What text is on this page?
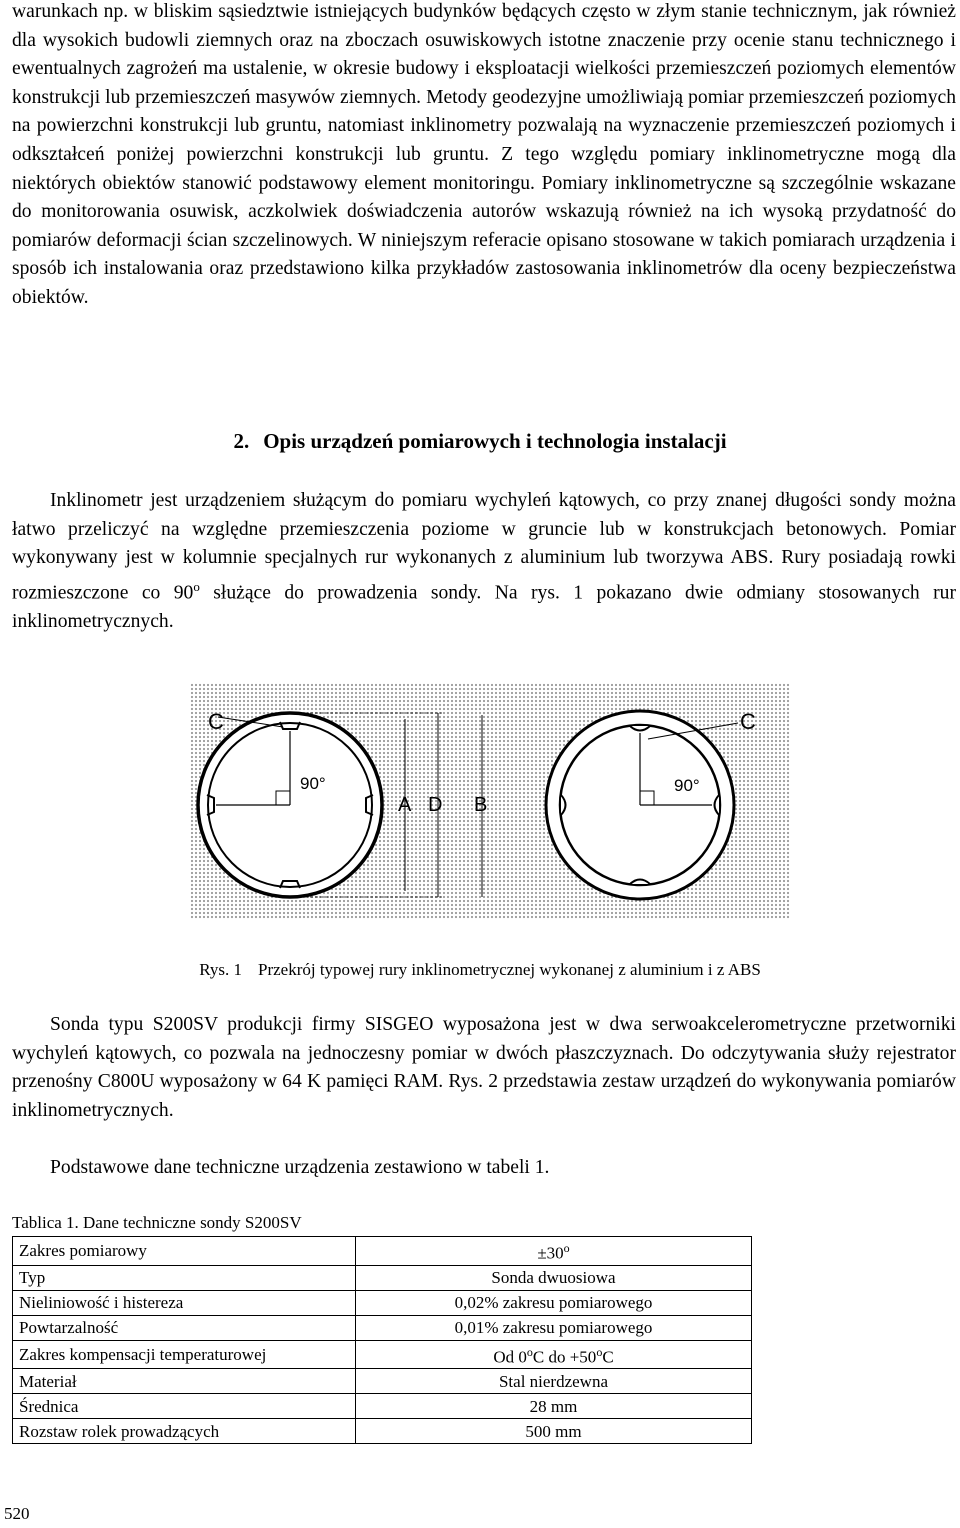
warunkach np. w bliskim sąsiedztwie istniejących budynków będących często w złym stanie technicznym, jak również dla wysokich budowli ziemnych oraz na zboczach osuwiskowych istotne znaczenie przy ocenie stanu technicznego i ewentualnych zagrożeń ma ustalenie, w okresie budowy i eksploatacji wielkości przemieszczeń poziomych elementów konstrukcji lub przemieszczeń masywów ziemnych. Metody geodezyjne umożliwiają pomiar przemieszczeń poziomych na powierzchni konstrukcji lub gruntu, natomiast inklinometry pozwalają na wyznaczenie przemieszczeń poziomych i odkształceń poniżej powierzchni konstrukcji lub gruntu. Z tego względu pomiary inklinometryczne mogą dla niektórych obiektów stanowić podstawowy element monitoringu. Pomiary inklinometryczne są szczególnie wskazane do monitorowania osuwisk, aczkolwiek doświadczenia autorów wskazują również na ich wysoką przydatność do pomiarów deformacji ścian szczelinowych. W niniejszym referacie opisano stosowane w takich pomiarach urządzenia i sposób ich instalowania oraz przedstawiono kilka przykładów zastosowania inklinometrów dla oceny bezpieczeństwa obiektów.

2. Opis urządzeń pomiarowych i technologia instalacji

Inklinometr jest urządzeniem służącym do pomiaru wychyleń kątowych, co przy znanej długości sondy można łatwo przeliczyć na względne przemieszczenia poziome w gruncie lub w konstrukcjach betonowych. Pomiar wykonywany jest w kolumnie specjalnych rur wykonanych z aluminium lub tworzywa ABS. Rury posiadają rowki rozmieszczone co 90$^o$ służące do prowadzenia sondy. Na rys. 1 pokazano dwie odmiany stosowanych rur inklinometrycznych.

C
90°
A D B
C
90°
Rys. 1 Przekrój typowej rury inklinometrycznej wykonanej z aluminium i z ABS

Sonda typu S200SV produkcji firmy SISGEO wyposażona jest w dwa serwoakcelerometryczne przetworniki wychyleń kątowych, co pozwala na jednoczesny pomiar w dwóch płaszczyznach. Do odczytywania służy rejestrator przenośny C800U wyposażony w 64 K pamięci RAM. Rys. 2 przedstawia zestaw urządzeń do wykonywania pomiarów inklinometrycznych.

Podstawowe dane techniczne urządzenia zestawiono w tabeli 1.

Tablica 1. Dane techniczne sondy S200SV
Zakres pomiarowy	$\pm 30^o$
Typ	Sonda dwuosiowa
Nieliniowość i histereza	0,02% zakresu pomiarowego
Powtarzalność	0,01% zakresu pomiarowego
Zakres kompensacji temperaturowej	Od 0$^o$C do $+50^oC$
Materiał	Stal nierdzewna
Średnica	28 mm
Rozstaw rolek prowadzących	500 mm
520
